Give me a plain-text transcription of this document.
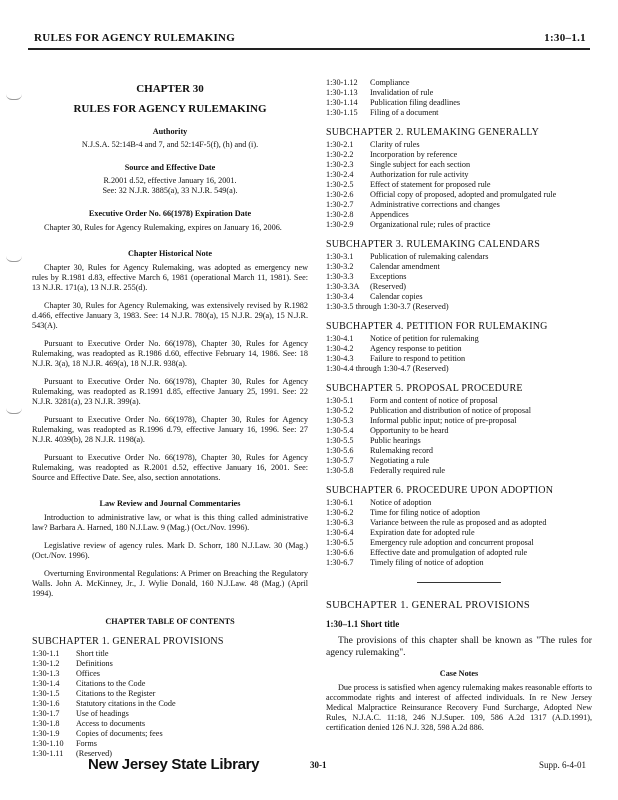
RULES FOR AGENCY RULEMAKING	1:30–1.1
CHAPTER 30
RULES FOR AGENCY RULEMAKING
Authority
N.J.S.A. 52:14B-4 and 7, and 52:14F-5(f), (h) and (i).
Source and Effective Date
R.2001 d.52, effective January 16, 2001.
See: 32 N.J.R. 3885(a), 33 N.J.R. 549(a).
Executive Order No. 66(1978) Expiration Date
Chapter 30, Rules for Agency Rulemaking, expires on January 16, 2006.
Chapter Historical Note
Chapter 30, Rules for Agency Rulemaking, was adopted as emergency new rules by R.1981 d.83, effective March 6, 1981 (operational March 11, 1981). See: 13 N.J.R. 171(a), 13 N.J.R. 255(d).
Chapter 30, Rules for Agency Rulemaking, was extensively revised by R.1982 d.466, effective January 3, 1983. See: 14 N.J.R. 780(a), 15 N.J.R. 29(a), 15 N.J.R. 543(A).
Pursuant to Executive Order No. 66(1978), Chapter 30, Rules for Agency Rulemaking, was readopted as R.1986 d.60, effective February 14, 1986. See: 18 N.J.R. 3(a), 18 N.J.R. 469(a), 18 N.J.R. 938(a).
Pursuant to Executive Order No. 66(1978), Chapter 30, Rules for Agency Rulemaking, was readopted as R.1991 d.85, effective January 25, 1991. See: 22 N.J.R. 3281(a), 23 N.J.R. 399(a).
Pursuant to Executive Order No. 66(1978), Chapter 30, Rules for Agency Rulemaking, was readopted as R.1996 d.79, effective January 16, 1996. See: 27 N.J.R. 4039(b), 28 N.J.R. 1198(a).
Pursuant to Executive Order No. 66(1978), Chapter 30, Rules for Agency Rulemaking, was readopted as R.2001 d.52, effective January 16, 2001. See: Source and Effective Date. See, also, section annotations.
Law Review and Journal Commentaries
Introduction to administrative law, or what is this thing called administrative law? Barbara A. Harned, 180 N.J.Law. 9 (Mag.) (Oct./Nov. 1996).
Legislative review of agency rules. Mark D. Schorr, 180 N.J.Law. 30 (Mag.) (Oct./Nov. 1996).
Overturning Environmental Regulations: A Primer on Breaching the Regulatory Walls. John A. McKinney, Jr., J. Wylie Donald, 160 N.J.Law. 48 (Mag.) (April 1994).
CHAPTER TABLE OF CONTENTS
SUBCHAPTER 1. GENERAL PROVISIONS
1:30-1.1	Short title
1:30-1.2	Definitions
1:30-1.3	Offices
1:30-1.4	Citations to the Code
1:30-1.5	Citations to the Register
1:30-1.6	Statutory citations in the Code
1:30-1.7	Use of headings
1:30-1.8	Access to documents
1:30-1.9	Copies of documents; fees
1:30-1.10	Forms
1:30-1.11	(Reserved)
1:30-1.12	Compliance
1:30-1.13	Invalidation of rule
1:30-1.14	Publication filing deadlines
1:30-1.15	Filing of a document
SUBCHAPTER 2. RULEMAKING GENERALLY
1:30-2.1	Clarity of rules
1:30-2.2	Incorporation by reference
1:30-2.3	Single subject for each section
1:30-2.4	Authorization for rule activity
1:30-2.5	Effect of statement for proposed rule
1:30-2.6	Official copy of proposed, adopted and promulgated rule
1:30-2.7	Administrative corrections and changes
1:30-2.8	Appendices
1:30-2.9	Organizational rule; rules of practice
SUBCHAPTER 3. RULEMAKING CALENDARS
1:30-3.1	Publication of rulemaking calendars
1:30-3.2	Calendar amendment
1:30-3.3	Exceptions
1:30-3.3A	(Reserved)
1:30-3.4	Calendar copies
1:30-3.5 through 1:30-3.7 (Reserved)
SUBCHAPTER 4. PETITION FOR RULEMAKING
1:30-4.1	Notice of petition for rulemaking
1:30-4.2	Agency response to petition
1:30-4.3	Failure to respond to petition
1:30-4.4 through 1:30-4.7 (Reserved)
SUBCHAPTER 5. PROPOSAL PROCEDURE
1:30-5.1	Form and content of notice of proposal
1:30-5.2	Publication and distribution of notice of proposal
1:30-5.3	Informal public input; notice of pre-proposal
1:30-5.4	Opportunity to be heard
1:30-5.5	Public hearings
1:30-5.6	Rulemaking record
1:30-5.7	Negotiating a rule
1:30-5.8	Federally required rule
SUBCHAPTER 6. PROCEDURE UPON ADOPTION
1:30-6.1	Notice of adoption
1:30-6.2	Time for filing notice of adoption
1:30-6.3	Variance between the rule as proposed and as adopted
1:30-6.4	Expiration date for adopted rule
1:30-6.5	Emergency rule adoption and concurrent proposal
1:30-6.6	Effective date and promulgation of adopted rule
1:30-6.7	Timely filing of notice of adoption
SUBCHAPTER 1. GENERAL PROVISIONS
1:30–1.1 Short title
The provisions of this chapter shall be known as "The rules for agency rulemaking".
Case Notes
Due process is satisfied when agency rulemaking makes reasonable efforts to accommodate rights and interest of affected individuals. In re New Jersey Medical Malpractice Reinsurance Recovery Fund Surcharge, Adopted New Rules, N.J.A.C. 11:18, 246 N.J.Super. 109, 586 A.2d 1317 (A.D.1991), certification denied 126 N.J. 328, 598 A.2d 886.
New Jersey State Library	30-1	Supp. 6-4-01
